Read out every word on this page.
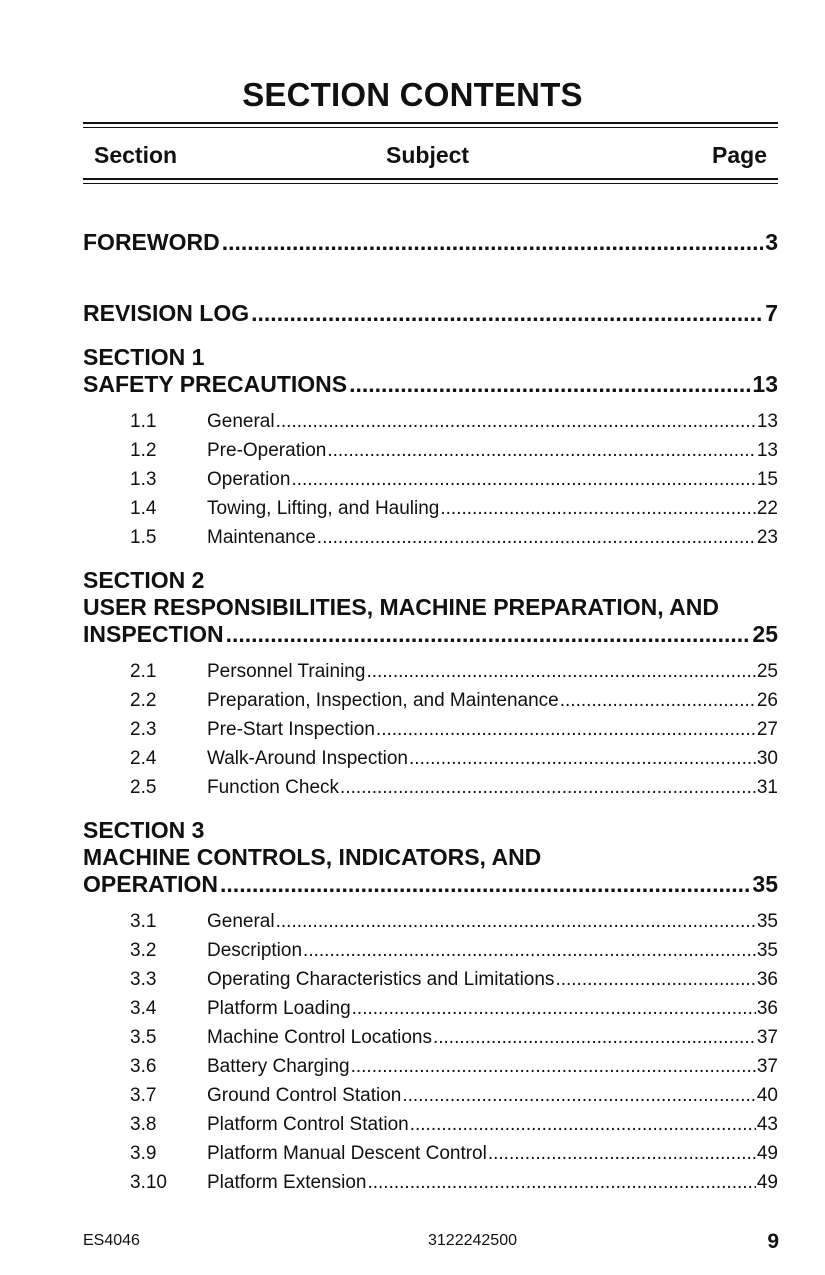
SECTION CONTENTS
Section	Subject	Page
FOREWORD .....	3
REVISION LOG .....	7
SECTION 1
SAFETY PRECAUTIONS .....	13
1.1	General .....	13
1.2	Pre-Operation .....	13
1.3	Operation .....	15
1.4	Towing, Lifting, and Hauling .....	22
1.5	Maintenance .....	23
SECTION 2
USER RESPONSIBILITIES, MACHINE PREPARATION, AND
INSPECTION .....	25
2.1	Personnel Training .....	25
2.2	Preparation, Inspection, and Maintenance .....	26
2.3	Pre-Start Inspection .....	27
2.4	Walk-Around Inspection .....	30
2.5	Function Check .....	31
SECTION 3
MACHINE CONTROLS, INDICATORS, AND
OPERATION .....	35
3.1	General .....	35
3.2	Description .....	35
3.3	Operating Characteristics and Limitations .....	36
3.4	Platform Loading .....	36
3.5	Machine Control Locations .....	37
3.6	Battery Charging .....	37
3.7	Ground Control Station .....	40
3.8	Platform Control Station .....	43
3.9	Platform Manual Descent Control .....	49
3.10	Platform Extension .....	49
ES4046	3122242500	9
